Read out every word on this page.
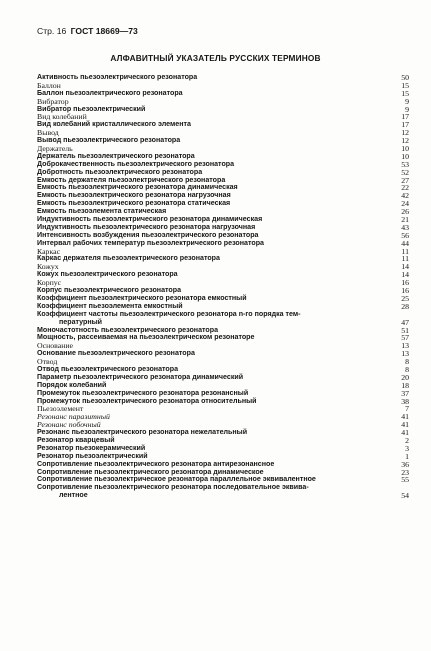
Стр. 16 ГОСТ 18669—73
АЛФАВИТНЫЙ УКАЗАТЕЛЬ РУССКИХ ТЕРМИНОВ
Активность пьезоэлектрического резонатора	50
Баллон	15
Баллон пьезоэлектрического резонатора	15
Вибратор	9
Вибратор пьезоэлектрический	9
Вид колебаний	17
Вид колебаний кристаллического элемента	17
Вывод	12
Вывод пьезоэлектрического резонатора	12
Держатель	10
Держатель пьезоэлектрического резонатора	10
Доброкачественность пьезоэлектрического резонатора	53
Добротность пьезоэлектрического резонатора	52
Емкость держателя пьезоэлектрического резонатора	27
Емкость пьезоэлектрического резонатора динамическая	22
Емкость пьезоэлектрического резонатора нагрузочная	42
Емкость пьезоэлектрического резонатора статическая	24
Емкость пьезоэлемента статическая	26
Индуктивность пьезоэлектрического резонатора динамическая	21
Индуктивность пьезоэлектрического резонатора нагрузочная	43
Интенсивность возбуждения пьезоэлектрического резонатора	56
Интервал рабочих температур пьезоэлектрического резонатора	44
Каркас	11
Каркас держателя пьезоэлектрического резонатора	11
Кожух	14
Кожух пьезоэлектрического резонатора	14
Корпус	16
Корпус пьезоэлектрического резонатора	16
Коэффициент пьезоэлектрического резонатора емкостный	25
Коэффициент пьезоэлемента емкостный	28
Коэффициент частоты пьезоэлектрического резонатора n-го порядка тем-
пературный	47
Моночастотность пьезоэлектрического резонатора	51
Мощность, рассеиваемая на пьезоэлектрическом резонаторе	57
Основание	13
Основание пьезоэлектрического резонатора	13
Отвод	8
Отвод пьезоэлектрического резонатора	8
Параметр пьезоэлектрического резонатора динамический	20
Порядок колебаний	18
Промежуток пьезоэлектрического резонатора резонансный	37
Промежуток пьезоэлектрического резонатора относительный	38
Пьезоэлемент	7
Резонанс паразитный	41
Резонанс побочный	41
Резонанс пьезоэлектрического резонатора нежелательный	41
Резонатор кварцевый	2
Резонатор пьезокерамический	3
Резонатор пьезоэлектрический	1
Сопротивление пьезоэлектрического резонатора антирезонансное	36
Сопротивление пьезоэлектрического резонатора динамическое	23
Сопротивление пьезоэлектрическое резонатора параллельное эквивалентное	55
Сопротивление пьезоэлектрического резонатора последовательное эквива-
лентное	54
